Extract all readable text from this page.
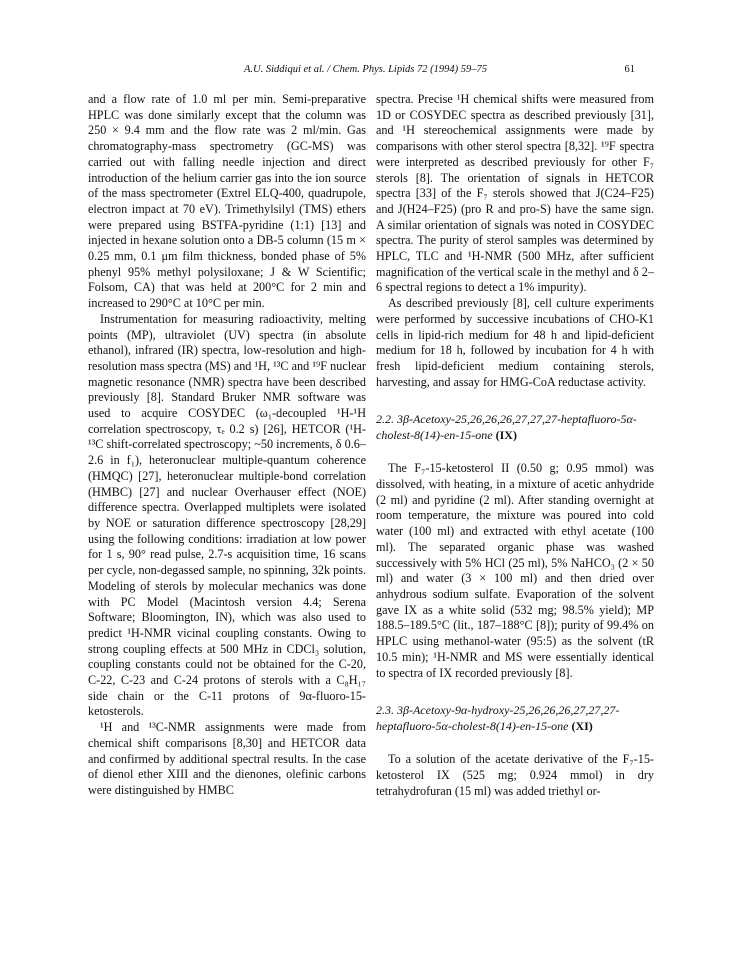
A.U. Siddiqui et al. / Chem. Phys. Lipids 72 (1994) 59–75	61

and a flow rate of 1.0 ml per min. Semi-preparative HPLC was done similarly except that the column was 250 × 9.4 mm and the flow rate was 2 ml/min. Gas chromatography-mass spectrometry (GC-MS) was carried out with falling needle injection and direct introduction of the helium carrier gas into the ion source of the mass spectrometer (Extrel ELQ-400, quadrupole, electron impact at 70 eV). Trimethylsilyl (TMS) ethers were prepared using BSTFA-pyridine (1:1) [13] and injected in hexane solution onto a DB-5 column (15 m × 0.25 mm, 0.1 μm film thickness, bonded phase of 5% phenyl 95% methyl polysiloxane; J & W Scientific; Folsom, CA) that was held at 200°C for 2 min and increased to 290°C at 10°C per min.

Instrumentation for measuring radioactivity, melting points (MP), ultraviolet (UV) spectra (in absolute ethanol), infrared (IR) spectra, low-resolution and high-resolution mass spectra (MS) and ¹H, ¹³C and ¹⁹F nuclear magnetic resonance (NMR) spectra have been described previously [8]. Standard Bruker NMR software was used to acquire COSYDEC (ω₁-decoupled ¹H-¹H correlation spectroscopy, τₑ 0.2 s) [26], HETCOR (¹H-¹³C shift-correlated spectroscopy; ~50 increments, δ 0.6–2.6 in f₁), heteronuclear multiple-quantum coherence (HMQC) [27], heteronuclear multiple-bond correlation (HMBC) [27] and nuclear Overhauser effect (NOE) difference spectra. Overlapped multiplets were isolated by NOE or saturation difference spectroscopy [28,29] using the following conditions: irradiation at low power for 1 s, 90° read pulse, 2.7-s acquisition time, 16 scans per cycle, non-degassed sample, no spinning, 32k points. Modeling of sterols by molecular mechanics was done with PC Model (Macintosh version 4.4; Serena Software; Bloomington, IN), which was also used to predict ¹H-NMR vicinal coupling constants. Owing to strong coupling effects at 500 MHz in CDCl₃ solution, coupling constants could not be obtained for the C-20, C-22, C-23 and C-24 protons of sterols with a C₈H₁₇ side chain or the C-11 protons of 9α-fluoro-15-ketosterols.

¹H and ¹³C-NMR assignments were made from chemical shift comparisons [8,30] and HETCOR data and confirmed by additional spectral results. In the case of dienol ether XIII and the dienones, olefinic carbons were distinguished by HMBC

spectra. Precise ¹H chemical shifts were measured from 1D or COSYDEC spectra as described previously [31], and ¹H stereochemical assignments were made by comparisons with other sterol spectra [8,32]. ¹⁹F spectra were interpreted as described previously for other F₇ sterols [8]. The orientation of signals in HETCOR spectra [33] of the F₇ sterols showed that J(C24–F25) and J(H24–F25) (pro R and pro-S) have the same sign. A similar orientation of signals was noted in COSYDEC spectra. The purity of sterol samples was determined by HPLC, TLC and ¹H-NMR (500 MHz, after sufficient magnification of the vertical scale in the methyl and δ 2–6 spectral regions to detect a 1% impurity).

As described previously [8], cell culture experiments were performed by successive incubations of CHO-K1 cells in lipid-rich medium for 48 h and lipid-deficient medium for 18 h, followed by incubation for 4 h with fresh lipid-deficient medium containing sterols, harvesting, and assay for HMG-CoA reductase activity.

2.2. 3β-Acetoxy-25,26,26,26,27,27,27-heptafluoro-5α-cholest-8(14)-en-15-one (IX)

The F₇-15-ketosterol II (0.50 g; 0.95 mmol) was dissolved, with heating, in a mixture of acetic anhydride (2 ml) and pyridine (2 ml). After standing overnight at room temperature, the mixture was poured into cold water (100 ml) and extracted with ethyl acetate (100 ml). The separated organic phase was washed successively with 5% HCl (25 ml), 5% NaHCO₃ (2 × 50 ml) and water (3 × 100 ml) and then dried over anhydrous sodium sulfate. Evaporation of the solvent gave IX as a white solid (532 mg; 98.5% yield); MP 188.5–189.5°C (lit., 187–188°C [8]); purity of 99.4% on HPLC using methanol-water (95:5) as the solvent (tR 10.5 min); ¹H-NMR and MS were essentially identical to spectra of IX recorded previously [8].

2.3. 3β-Acetoxy-9α-hydroxy-25,26,26,26,27,27,27-heptafluoro-5α-cholest-8(14)-en-15-one (XI)

To a solution of the acetate derivative of the F₇-15-ketosterol IX (525 mg; 0.924 mmol) in dry tetrahydrofuran (15 ml) was added triethyl or-
